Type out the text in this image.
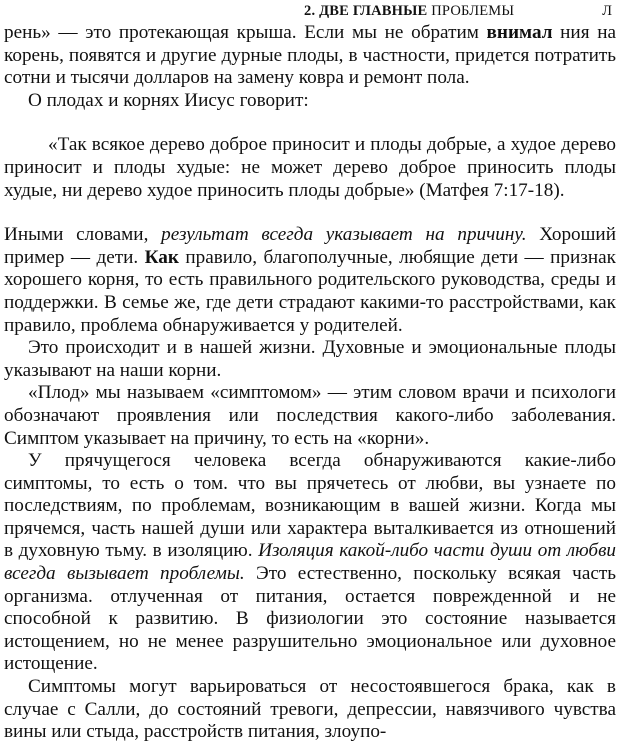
2. ДВЕ ГЛАВНЫЕ ПРОБЛЕМЫ	Л

рень» — это протекающая крыша. Если мы не обратим внимал ния на корень, появятся и другие дурные плоды, в частности, придется потратить сотни и тысячи долларов на замену ковра и ремонт пола.

О плодах и корнях Иисус говорит:

«Так всякое дерево доброе приносит и плоды добрые, а худое дерево приносит и плоды худые: не может дерево доброе приносить плоды худые, ни дерево худое приносить плоды добрые» (Матфея 7:17-18).

Иными словами, результат всегда указывает на причину. Хороший пример — дети. Как правило, благополучные, любящие дети — признак хорошего корня, то есть правильного родительского руководства, среды и поддержки. В семье же, где дети страдают какими-то расстройствами, как правило, проблема обнаруживается у родителей.

Это происходит и в нашей жизни. Духовные и эмоциональные плоды указывают на наши корни.

«Плод» мы называем «симптомом» — этим словом врачи и психологи обозначают проявления или последствия какого-либо заболевания. Симптом указывает на причину, то есть на «корни».

У прячущегося человека всегда обнаруживаются какие-либо симптомы, то есть о том. что вы прячетесь от любви, вы узнаете по последствиям, по проблемам, возникающим в вашей жизни. Когда мы прячемся, часть нашей души или характера выталкивается из отношений в духовную тьму. в изоляцию. Изоляция какой-либо части души от любви всегда вызывает проблемы. Это естественно, поскольку всякая часть организма. отлученная от питания, остается поврежденной и не способной к развитию. В физиологии это состояние называется истощением, но не менее разрушительно эмоциональное или духовное истощение.

Симптомы могут варьироваться от несостоявшегося брака, как в случае с Салли, до состояний тревоги, депрессии, навязчивого чувства вины или стыда, расстройств питания, злоупо-
